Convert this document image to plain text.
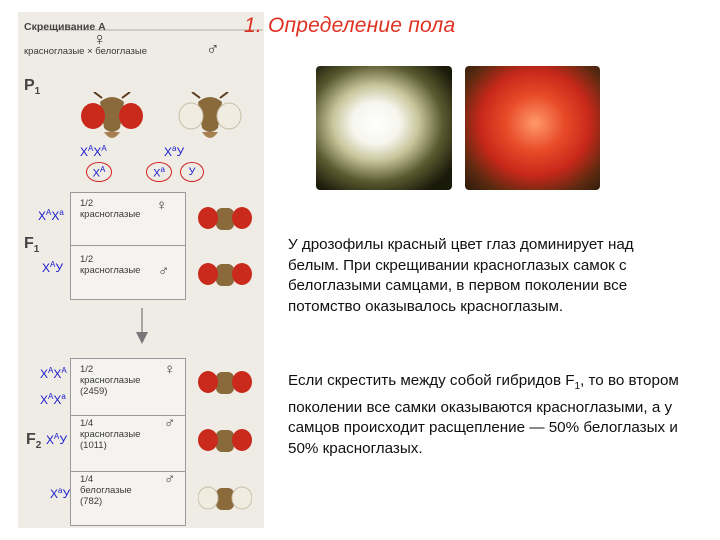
Скрещивание А
красноглазые × белоглазые
♀	♂
$P_1$
$X^AX^A$	$X^aУ$
$X^A$	$X^a$ У
$F_1$
$X^AX^a$
1/2
красноглазые
♀
$X^AУ$
1/2
красноглазые ♂
$F_2$
$X^AX^A$
$X^AX^a$
1/2
красноглазые
(2459)
♀
$X^AУ$
1/4
красноглазые
(1011)
♂
$X^aУ$
1/4
белоглазые
(782)
♂
1. Определение пола
У дрозофилы красный цвет глаз доминирует над белым. При скрещивании красноглазых самок с белоглазыми самцами, в первом поколении все потомство оказывалось красноглазым.
Если скрестить между собой гибридов $F_1$, то во втором поколении все самки оказываются красноглазыми, а у самцов происходит расщепление — 50% белоглазых и 50% красноглазых.
